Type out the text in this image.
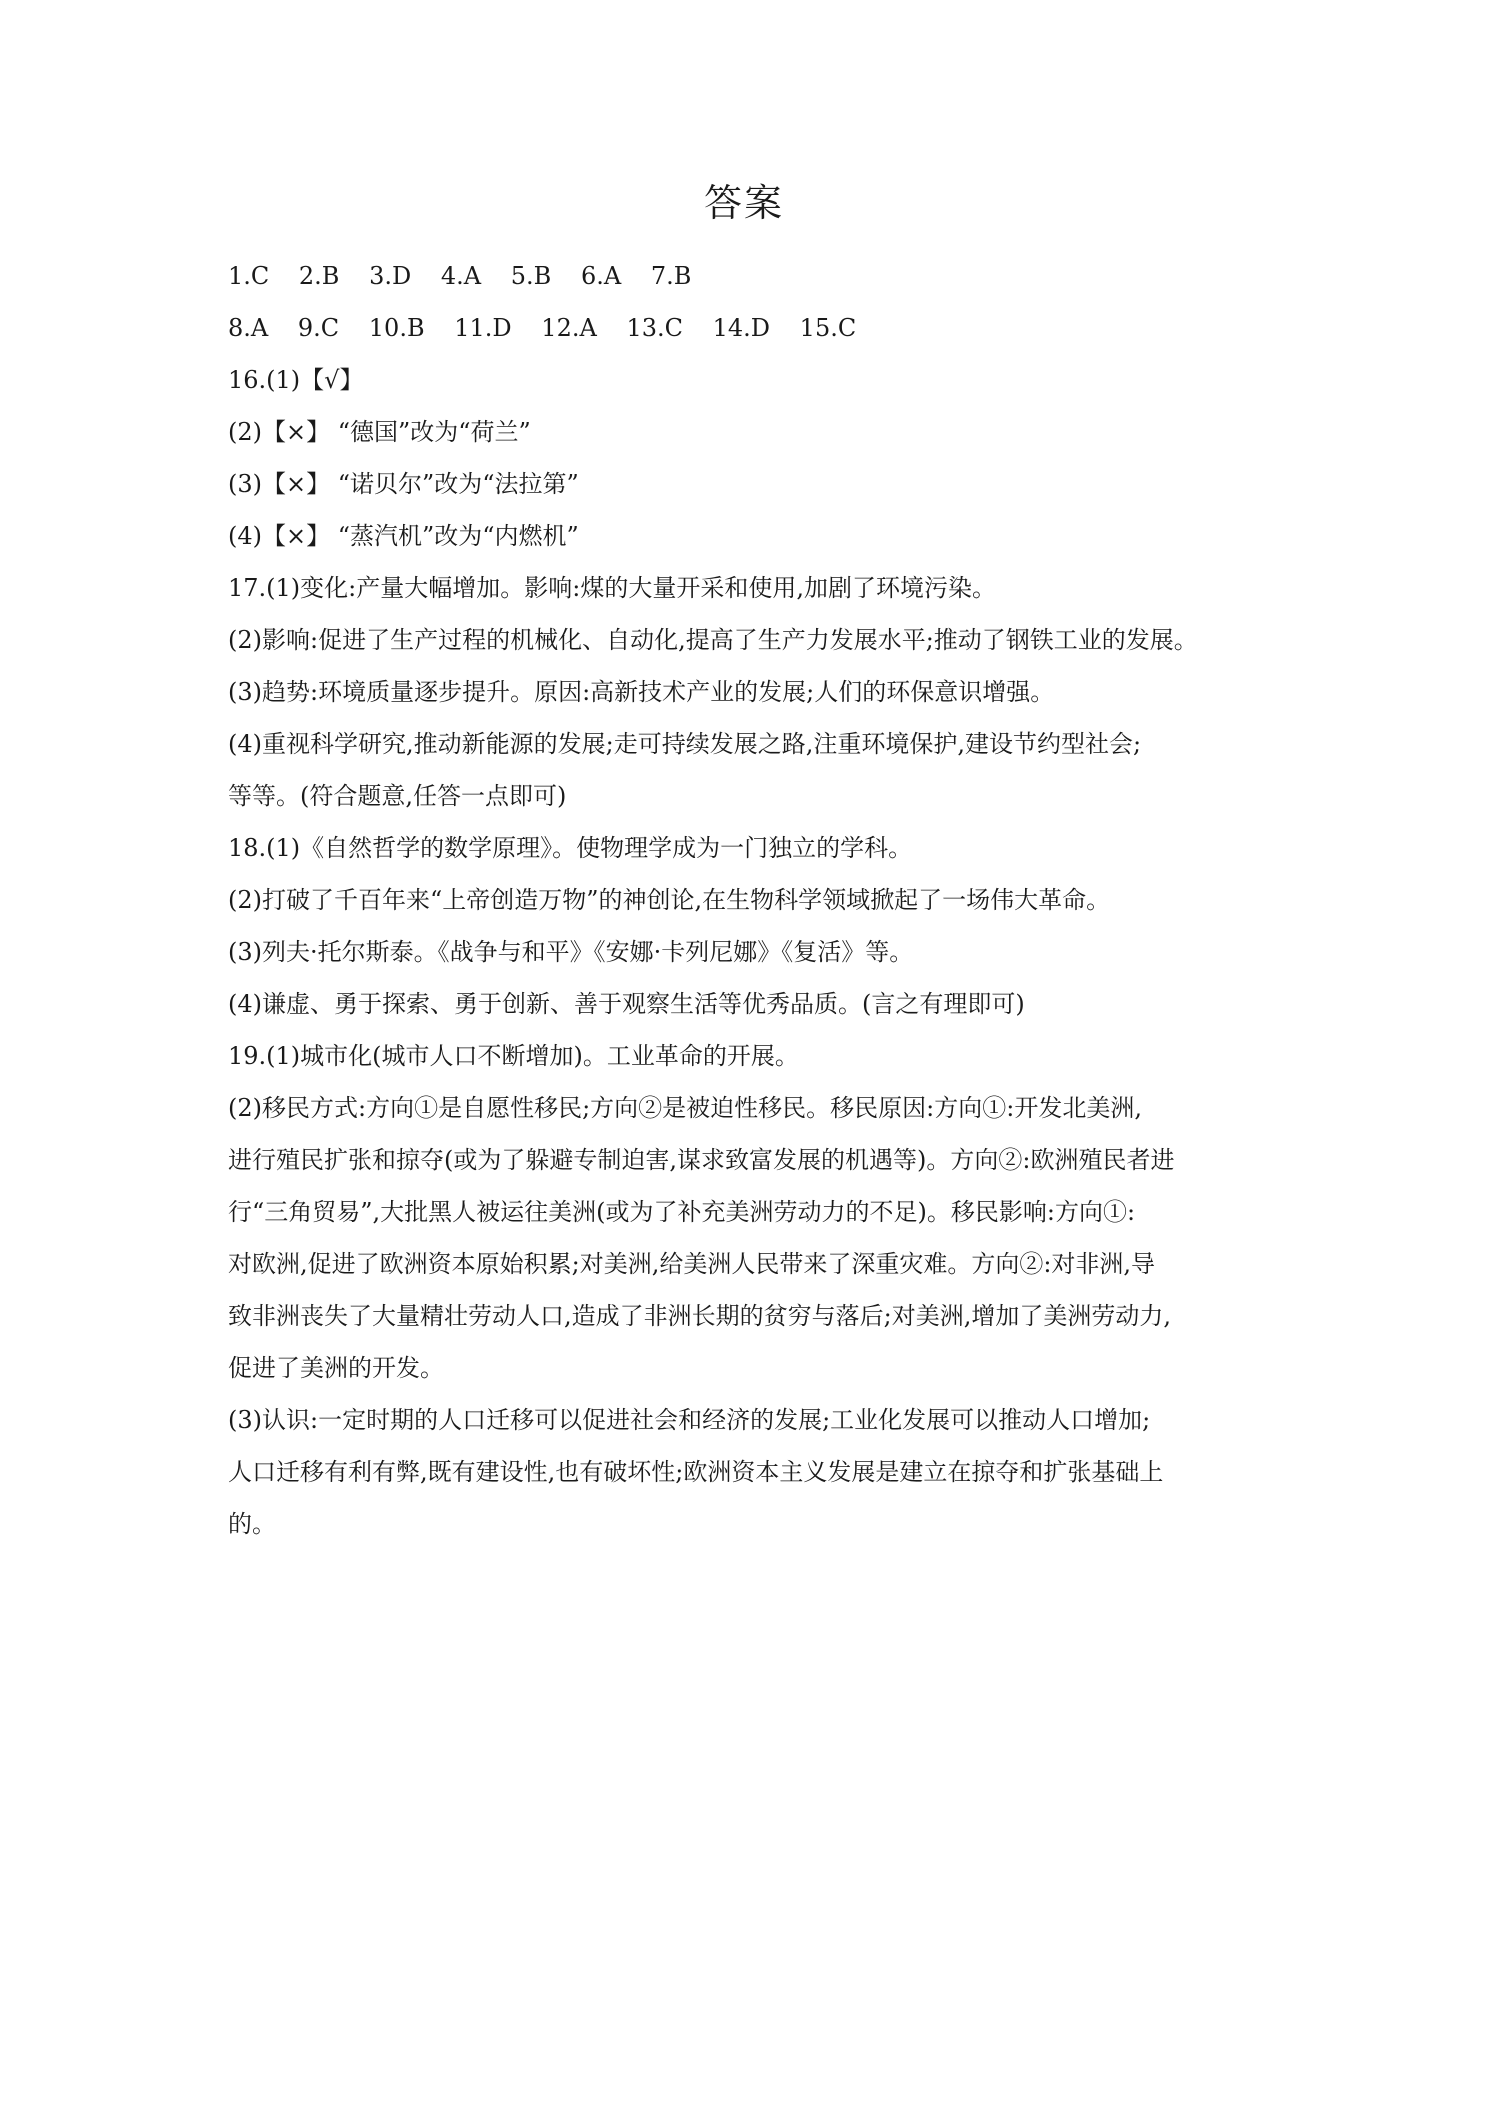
答案
1.C 2.B 3.D 4.A 5.B 6.A 7.B
8.A 9.C 10.B 11.D 12.A 13.C 14.D 15.C
16.(1)【√】
(2)【×】 “德国”改为“荷兰”
(3)【×】 “诺贝尔”改为“法拉第”
(4)【×】 “蒸汽机”改为“内燃机”
17.(1)变化:产量大幅增加。影响:煤的大量开采和使用,加剧了环境污染。
(2)影响:促进了生产过程的机械化、自动化,提高了生产力发展水平;推动了钢铁工业的发展。
(3)趋势:环境质量逐步提升。原因:高新技术产业的发展;人们的环保意识增强。
(4)重视科学研究,推动新能源的发展;走可持续发展之路,注重环境保护,建设节约型社会;
等等。(符合题意,任答一点即可)
18.(1)《自然哲学的数学原理》。使物理学成为一门独立的学科。
(2)打破了千百年来“上帝创造万物”的神创论,在生物科学领域掀起了一场伟大革命。
(3)列夫·托尔斯泰。《战争与和平》《安娜·卡列尼娜》《复活》等。
(4)谦虚、勇于探索、勇于创新、善于观察生活等优秀品质。(言之有理即可)
19.(1)城市化(城市人口不断增加)。工业革命的开展。
(2)移民方式:方向①是自愿性移民;方向②是被迫性移民。移民原因:方向①:开发北美洲,
进行殖民扩张和掠夺(或为了躲避专制迫害,谋求致富发展的机遇等)。方向②:欧洲殖民者进
行“三角贸易”,大批黑人被运往美洲(或为了补充美洲劳动力的不足)。移民影响:方向①:
对欧洲,促进了欧洲资本原始积累;对美洲,给美洲人民带来了深重灾难。方向②:对非洲,导
致非洲丧失了大量精壮劳动人口,造成了非洲长期的贫穷与落后;对美洲,增加了美洲劳动力,
促进了美洲的开发。
(3)认识:一定时期的人口迁移可以促进社会和经济的发展;工业化发展可以推动人口增加;
人口迁移有利有弊,既有建设性,也有破坏性;欧洲资本主义发展是建立在掠夺和扩张基础上
的。
